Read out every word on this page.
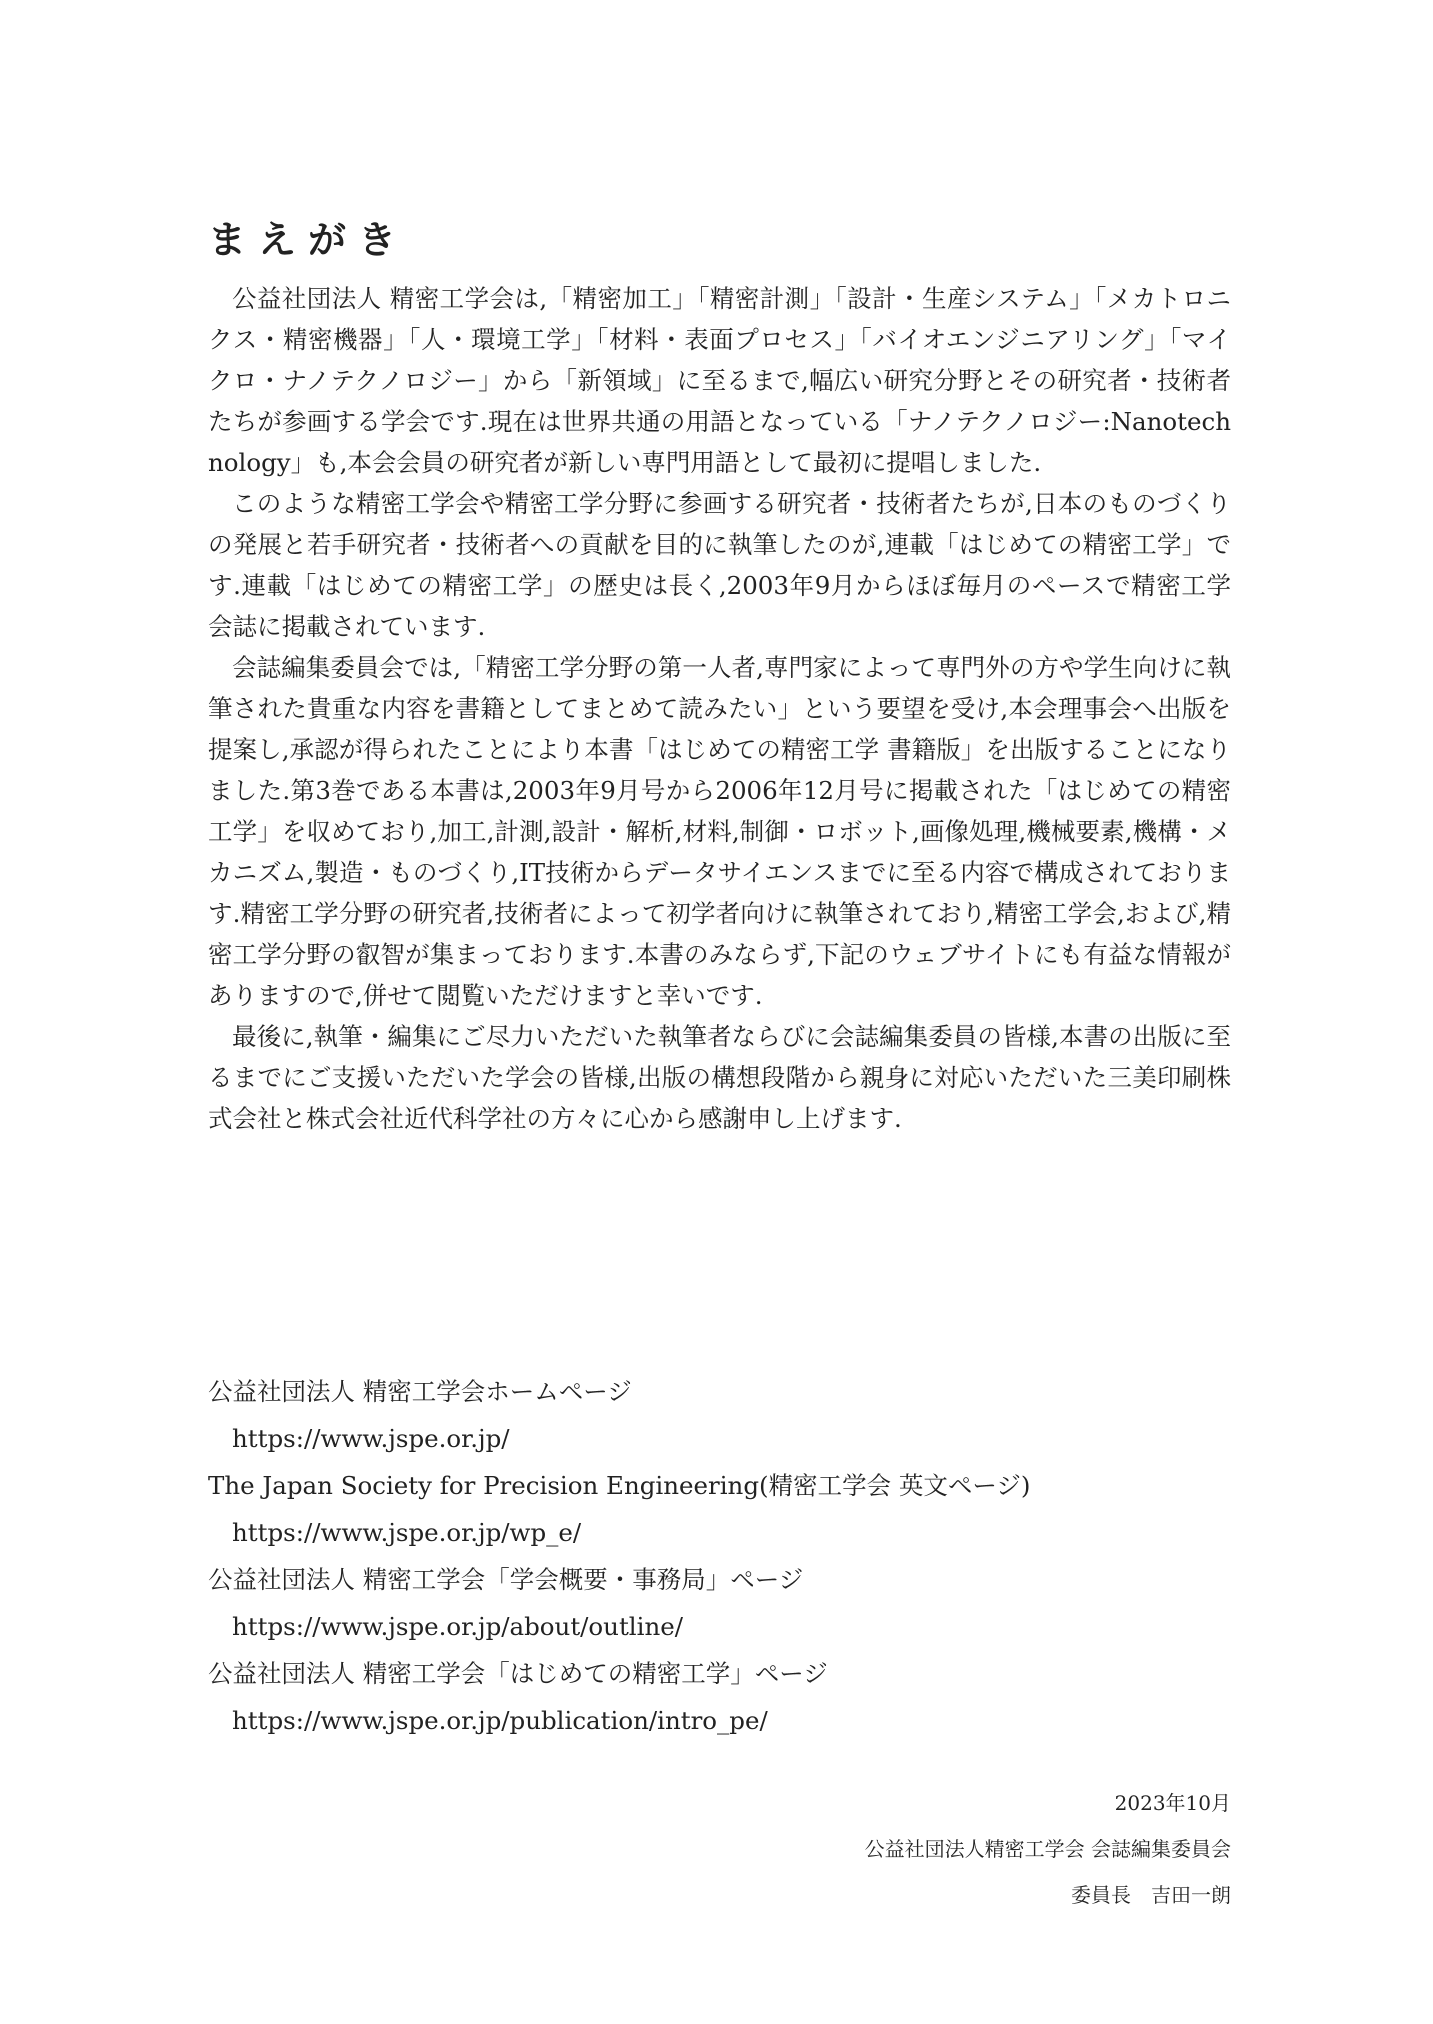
まえがき

公益社団法人 精密工学会は,「精密加工」「精密計測」「設計・生産システム」「メカトロニクス・精密機器」「人・環境工学」「材料・表面プロセス」「バイオエンジニアリング」「マイクロ・ナノテクノロジー」から「新領域」に至るまで,幅広い研究分野とその研究者・技術者たちが参画する学会です.現在は世界共通の用語となっている「ナノテクノロジー:Nanotechnology」も,本会会員の研究者が新しい専門用語として最初に提唱しました.

このような精密工学会や精密工学分野に参画する研究者・技術者たちが,日本のものづくりの発展と若手研究者・技術者への貢献を目的に執筆したのが,連載「はじめての精密工学」です.連載「はじめての精密工学」の歴史は長く,2003年9月からほぼ毎月のペースで精密工学会誌に掲載されています.

会誌編集委員会では,「精密工学分野の第一人者,専門家によって専門外の方や学生向けに執筆された貴重な内容を書籍としてまとめて読みたい」という要望を受け,本会理事会へ出版を提案し,承認が得られたことにより本書「はじめての精密工学 書籍版」を出版することになりました.第3巻である本書は,2003年9月号から2006年12月号に掲載された「はじめての精密工学」を収めており,加工,計測,設計・解析,材料,制御・ロボット,画像処理,機械要素,機構・メカニズム,製造・ものづくり,IT技術からデータサイエンスまでに至る内容で構成されております.精密工学分野の研究者,技術者によって初学者向けに執筆されており,精密工学会,および,精密工学分野の叡智が集まっております.本書のみならず,下記のウェブサイトにも有益な情報がありますので,併せて閲覧いただけますと幸いです.

最後に,執筆・編集にご尽力いただいた執筆者ならびに会誌編集委員の皆様,本書の出版に至るまでにご支援いただいた学会の皆様,出版の構想段階から親身に対応いただいた三美印刷株式会社と株式会社近代科学社の方々に心から感謝申し上げます.

公益社団法人 精密工学会ホームページ
https://www.jspe.or.jp/
The Japan Society for Precision Engineering(精密工学会 英文ページ)
https://www.jspe.or.jp/wp_e/
公益社団法人 精密工学会「学会概要・事務局」ページ
https://www.jspe.or.jp/about/outline/
公益社団法人 精密工学会「はじめての精密工学」ページ
https://www.jspe.or.jp/publication/intro_pe/
2023年10月
公益社団法人精密工学会 会誌編集委員会
委員長　吉田一朗
